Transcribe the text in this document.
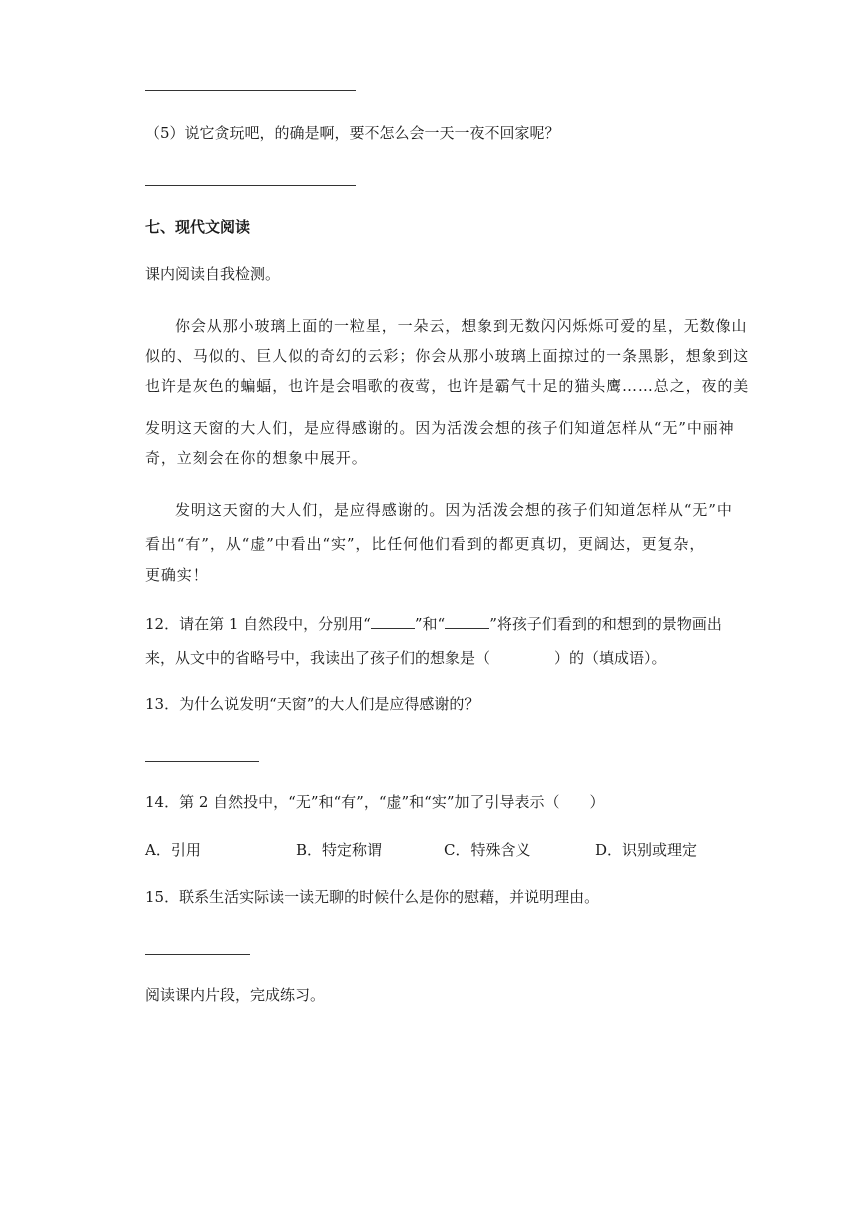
（5）说它贪玩吧，的确是啊，要不怎么会一天一夜不回家呢？
七、现代文阅读
课内阅读自我检测。
你会从那小玻璃上面的一粒星，一朵云，想象到无数闪闪烁烁可爱的星，无数像山
似的、马似的、巨人似的奇幻的云彩；你会从那小玻璃上面掠过的一条黑影，想象到这
也许是灰色的蝙蝠，也许是会唱歌的夜莺，也许是霸气十足的猫头鹰……总之，夜的美
发明这天窗的大人们，是应得感谢的。因为活泼会想的孩子们知道怎样从“无”中丽神
奇，立刻会在你的想象中展开。
发明这天窗的大人们，是应得感谢的。因为活泼会想的孩子们知道怎样从“无”中
看出“有”，从“虚”中看出“实”，比任何他们看到的都更真切，更阔达，更复杂，
更确实！
12．请在第 1 自然段中，分别用“	”和“	”将孩子们看到的和想到的景物画出
来，从文中的省略号中，我读出了孩子们的想象是（	）的（填成语）。
13．为什么说发明“天窗”的大人们是应得感谢的？
14．第 2 自然投中，“无”和“有”，“虚”和“实”加了引导表示（　　）
A．引用	B．特定称谓	C．特殊含义	D．识别或理定
15．联系生活实际读一读无聊的时候什么是你的慰藉，并说明理由。
阅读课内片段，完成练习。
